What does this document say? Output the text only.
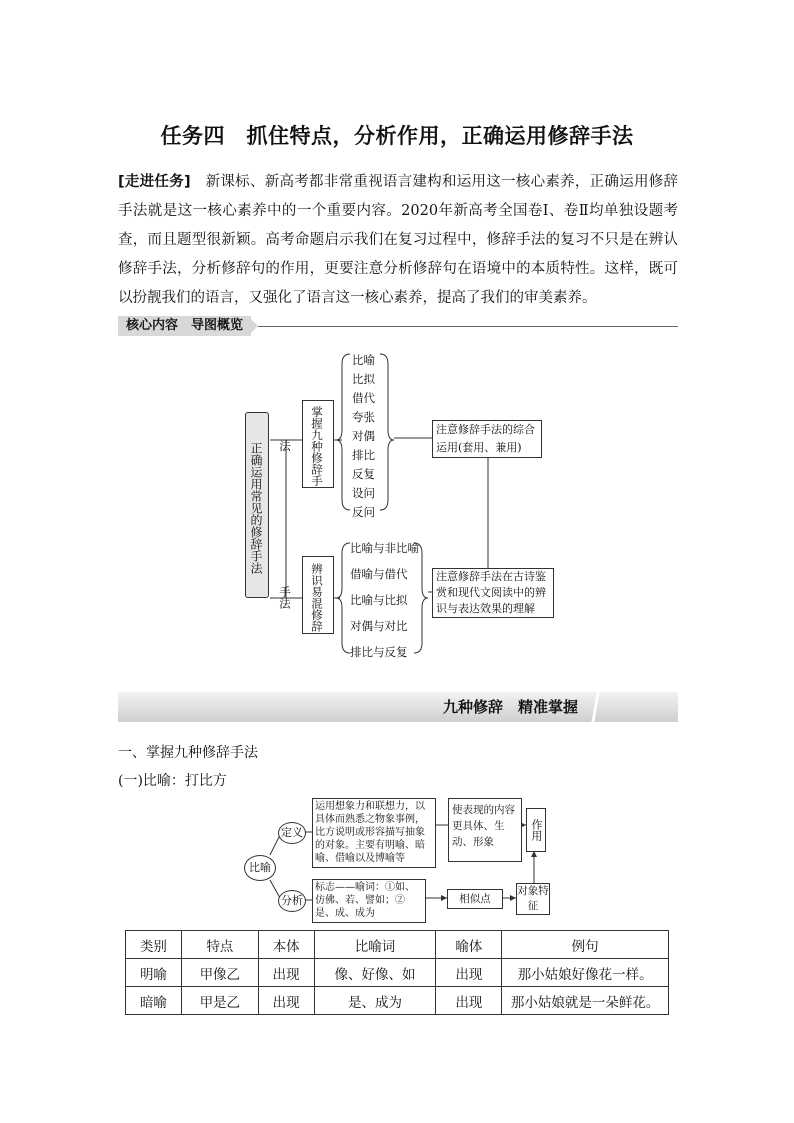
任务四　抓住特点，分析作用，正确运用修辞手法
[走进任务]　新课标、新高考都非常重视语言建构和运用这一核心素养，正确运用修辞手法就是这一核心素养中的一个重要内容。2020年新高考全国卷Ⅰ、卷Ⅱ均单独设题考查，而且题型很新颖。高考命题启示我们在复习过程中，修辞手法的复习不只是在辨认修辞手法，分析修辞句的作用，更要注意分析修辞句在语境中的本质特性。这样，既可以扮靓我们的语言，又强化了语言这一核心素养，提高了我们的审美素养。
核心内容　导图概览
正确运用常见的修辞手法	掌握九种修辞手法
比喻
比拟
借代
夸张
对偶
排比
反复
设问
反问
注意修辞手法的综合运用(套用、兼用)
辨识易混修辞手法
比喻与非比喻
借喻与借代
比喻与比拟
对偶与对比
排比与反复
注意修辞手法在古诗鉴赏和现代文阅读中的辨识与表达效果的理解
九种修辞　精准掌握
一、掌握九种修辞手法
(一)比喻：打比方
比喻
定义
运用想象力和联想力，以具体而熟悉之物象事例，比方说明或形容描写抽象的对象。主要有明喻、暗喻、借喻以及博喻等
使表现的内容更具体、生动、形象
作用
分析
标志——喻词：①如、仿佛、若、譬如；②是、成、成为
相似点
对象特征
类别	特点	本体	比喻词	喻体	例句
明喻	甲像乙	出现	像、好像、如	出现	那小姑娘好像花一样。
暗喻	甲是乙	出现	是、成为	出现	那小姑娘就是一朵鲜花。
